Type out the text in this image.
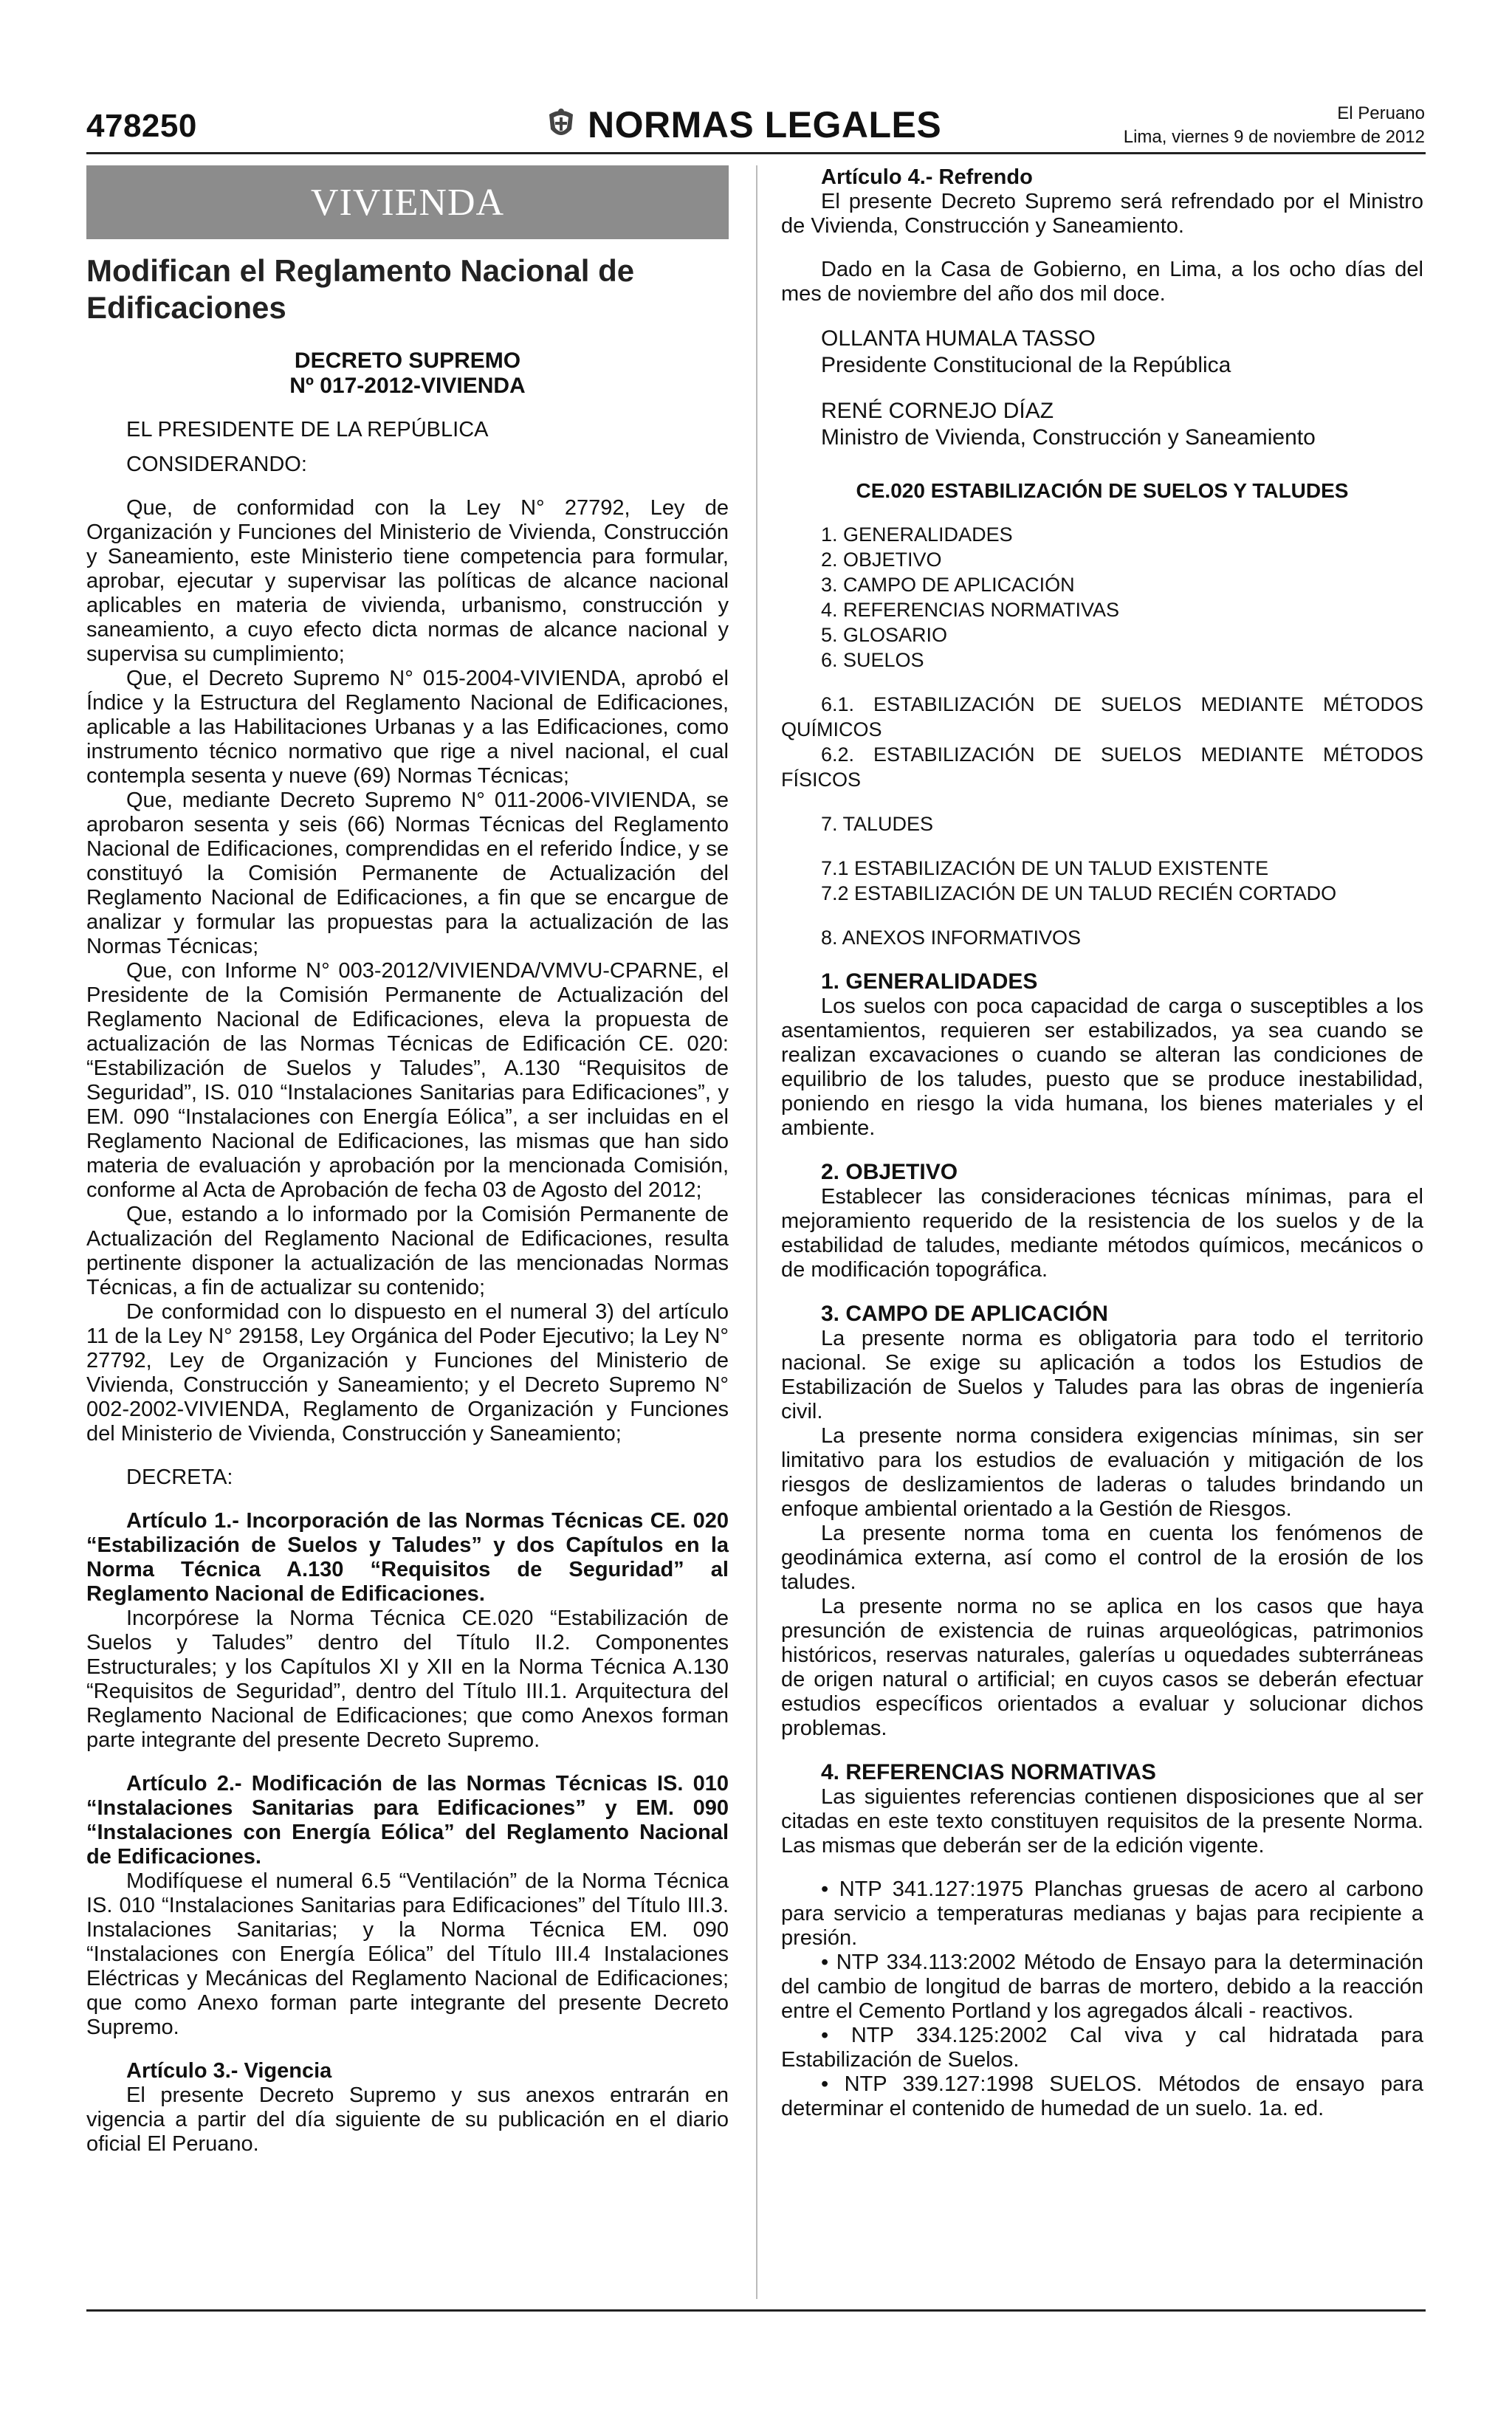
478250	NORMAS LEGALES	El Peruano
Lima, viernes 9 de noviembre de 2012
VIVIENDA
Modifican el Reglamento Nacional de Edificaciones
DECRETO SUPREMO
Nº 017-2012-VIVIENDA

EL PRESIDENTE DE LA REPÚBLICA

CONSIDERANDO:

Que, de conformidad con la Ley N° 27792, Ley de Organización y Funciones del Ministerio de Vivienda, Construcción y Saneamiento, este Ministerio tiene competencia para formular, aprobar, ejecutar y supervisar las políticas de alcance nacional aplicables en materia de vivienda, urbanismo, construcción y saneamiento, a cuyo efecto dicta normas de alcance nacional y supervisa su cumplimiento;

Que, el Decreto Supremo N° 015-2004-VIVIENDA, aprobó el Índice y la Estructura del Reglamento Nacional de Edificaciones, aplicable a las Habilitaciones Urbanas y a las Edificaciones, como instrumento técnico normativo que rige a nivel nacional, el cual contempla sesenta y nueve (69) Normas Técnicas;

Que, mediante Decreto Supremo N° 011-2006-VIVIENDA, se aprobaron sesenta y seis (66) Normas Técnicas del Reglamento Nacional de Edificaciones, comprendidas en el referido Índice, y se constituyó la Comisión Permanente de Actualización del Reglamento Nacional de Edificaciones, a fin que se encargue de analizar y formular las propuestas para la actualización de las Normas Técnicas;

Que, con Informe N° 003-2012/VIVIENDA/VMVU-CPARNE, el Presidente de la Comisión Permanente de Actualización del Reglamento Nacional de Edificaciones, eleva la propuesta de actualización de las Normas Técnicas de Edificación CE. 020: “Estabilización de Suelos y Taludes”, A.130 “Requisitos de Seguridad”, IS. 010 “Instalaciones Sanitarias para Edificaciones”, y EM. 090 “Instalaciones con Energía Eólica”, a ser incluidas en el Reglamento Nacional de Edificaciones, las mismas que han sido materia de evaluación y aprobación por la mencionada Comisión, conforme al Acta de Aprobación de fecha 03 de Agosto del 2012;

Que, estando a lo informado por la Comisión Permanente de Actualización del Reglamento Nacional de Edificaciones, resulta pertinente disponer la actualización de las mencionadas Normas Técnicas, a fin de actualizar su contenido;

De conformidad con lo dispuesto en el numeral 3) del artículo 11 de la Ley N° 29158, Ley Orgánica del Poder Ejecutivo; la Ley N° 27792, Ley de Organización y Funciones del Ministerio de Vivienda, Construcción y Saneamiento; y el Decreto Supremo N° 002-2002-VIVIENDA, Reglamento de Organización y Funciones del Ministerio de Vivienda, Construcción y Saneamiento;

DECRETA:

Artículo 1.- Incorporación de las Normas Técnicas CE. 020 “Estabilización de Suelos y Taludes” y dos Capítulos en la Norma Técnica A.130 “Requisitos de Seguridad” al Reglamento Nacional de Edificaciones.

Incorpórese la Norma Técnica CE.020 “Estabilización de Suelos y Taludes” dentro del Título II.2. Componentes Estructurales; y los Capítulos XI y XII en la Norma Técnica A.130 “Requisitos de Seguridad”, dentro del Título III.1. Arquitectura del Reglamento Nacional de Edificaciones; que como Anexos forman parte integrante del presente Decreto Supremo.

Artículo 2.- Modificación de las Normas Técnicas IS. 010 “Instalaciones Sanitarias para Edificaciones” y EM. 090 “Instalaciones con Energía Eólica” del Reglamento Nacional de Edificaciones.

Modifíquese el numeral 6.5 “Ventilación” de la Norma Técnica IS. 010 “Instalaciones Sanitarias para Edificaciones” del Título III.3. Instalaciones Sanitarias; y la Norma Técnica EM. 090 “Instalaciones con Energía Eólica” del Título III.4 Instalaciones Eléctricas y Mecánicas del Reglamento Nacional de Edificaciones; que como Anexo forman parte integrante del presente Decreto Supremo.

Artículo 3.- Vigencia

El presente Decreto Supremo y sus anexos entrarán en vigencia a partir del día siguiente de su publicación en el diario oficial El Peruano.

Artículo 4.- Refrendo

El presente Decreto Supremo será refrendado por el Ministro de Vivienda, Construcción y Saneamiento.

Dado en la Casa de Gobierno, en Lima, a los ocho días del mes de noviembre del año dos mil doce.

OLLANTA HUMALA TASSO
Presidente Constitucional de la República
RENÉ CORNEJO DÍAZ
Ministro de Vivienda, Construcción y Saneamiento
CE.020 ESTABILIZACIÓN DE SUELOS Y TALUDES
1. GENERALIDADES
2. OBJETIVO
3. CAMPO DE APLICACIÓN
4. REFERENCIAS NORMATIVAS
5. GLOSARIO
6. SUELOS
6.1. ESTABILIZACIÓN DE SUELOS MEDIANTE MÉTODOS QUÍMICOS
6.2. ESTABILIZACIÓN DE SUELOS MEDIANTE MÉTODOS FÍSICOS
7. TALUDES
7.1 ESTABILIZACIÓN DE UN TALUD EXISTENTE
7.2 ESTABILIZACIÓN DE UN TALUD RECIÉN CORTADO
8. ANEXOS INFORMATIVOS
1. GENERALIDADES

Los suelos con poca capacidad de carga o susceptibles a los asentamientos, requieren ser estabilizados, ya sea cuando se realizan excavaciones o cuando se alteran las condiciones de equilibrio de los taludes, puesto que se produce inestabilidad, poniendo en riesgo la vida humana, los bienes materiales y el ambiente.

2. OBJETIVO

Establecer las consideraciones técnicas mínimas, para el mejoramiento requerido de la resistencia de los suelos y de la estabilidad de taludes, mediante métodos químicos, mecánicos o de modificación topográfica.

3. CAMPO DE APLICACIÓN

La presente norma es obligatoria para todo el territorio nacional. Se exige su aplicación a todos los Estudios de Estabilización de Suelos y Taludes para las obras de ingeniería civil.

La presente norma considera exigencias mínimas, sin ser limitativo para los estudios de evaluación y mitigación de los riesgos de deslizamientos de laderas o taludes brindando un enfoque ambiental orientado a la Gestión de Riesgos.

La presente norma toma en cuenta los fenómenos de geodinámica externa, así como el control de la erosión de los taludes.

La presente norma no se aplica en los casos que haya presunción de existencia de ruinas arqueológicas, patrimonios históricos, reservas naturales, galerías u oquedades subterráneas de origen natural o artificial; en cuyos casos se deberán efectuar estudios específicos orientados a evaluar y solucionar dichos problemas.

4. REFERENCIAS NORMATIVAS

Las siguientes referencias contienen disposiciones que al ser citadas en este texto constituyen requisitos de la presente Norma. Las mismas que deberán ser de la edición vigente.

• NTP 341.127:1975 Planchas gruesas de acero al carbono para servicio a temperaturas medianas y bajas para recipiente a presión.

• NTP 334.113:2002 Método de Ensayo para la determinación del cambio de longitud de barras de mortero, debido a la reacción entre el Cemento Portland y los agregados álcali - reactivos.

• NTP 334.125:2002 Cal viva y cal hidratada para Estabilización de Suelos.

• NTP 339.127:1998 SUELOS. Métodos de ensayo para determinar el contenido de humedad de un suelo. 1a. ed.
